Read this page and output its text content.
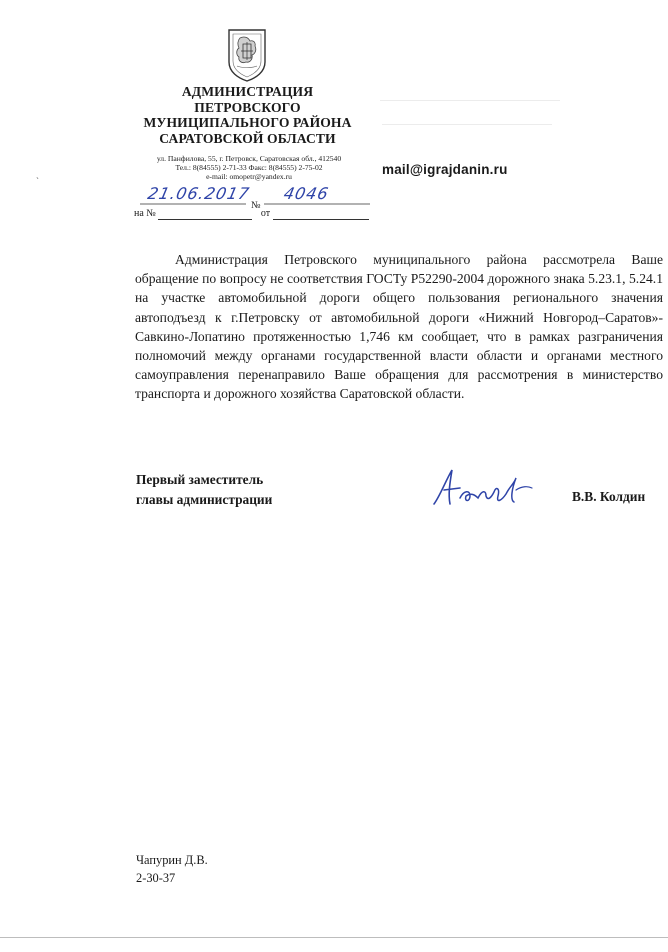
АДМИНИСТРАЦИЯ
ПЕТРОВСКОГО
МУНИЦИПАЛЬНОГО РАЙОНА
САРАТОВСКОЙ ОБЛАСТИ
ул. Панфилова, 55, г. Петровск, Саратовская обл., 412540
Тел.: 8(84555) 2-71-33 Факс: 8(84555) 2-75-02
e-mail: omopetr@yandex.ru	mail@igrajdanin.ru
21.06.2017
№
4046
на №	от
˴
Администрация Петровского муниципального района рассмотрела Ваше обращение по вопросу не соответствия ГОСТу Р52290-2004 дорожного знака 5.23.1, 5.24.1 на участке автомобильной дороги общего пользования регионального значения автоподъезд к г.Петровску от автомобильной дороги «Нижний Новгород–Саратов»- Савкино-Лопатино протяженностью 1,746 км сообщает, что в рамках разграничения полномочий между органами государственной власти области и органами местного самоуправления перенаправило Ваше обращения для рассмотрения в министерство транспорта и дорожного хозяйства Саратовской области.
Первый заместитель
главы администрации	В.В. Колдин
Чапурин Д.В.
2-30-37
